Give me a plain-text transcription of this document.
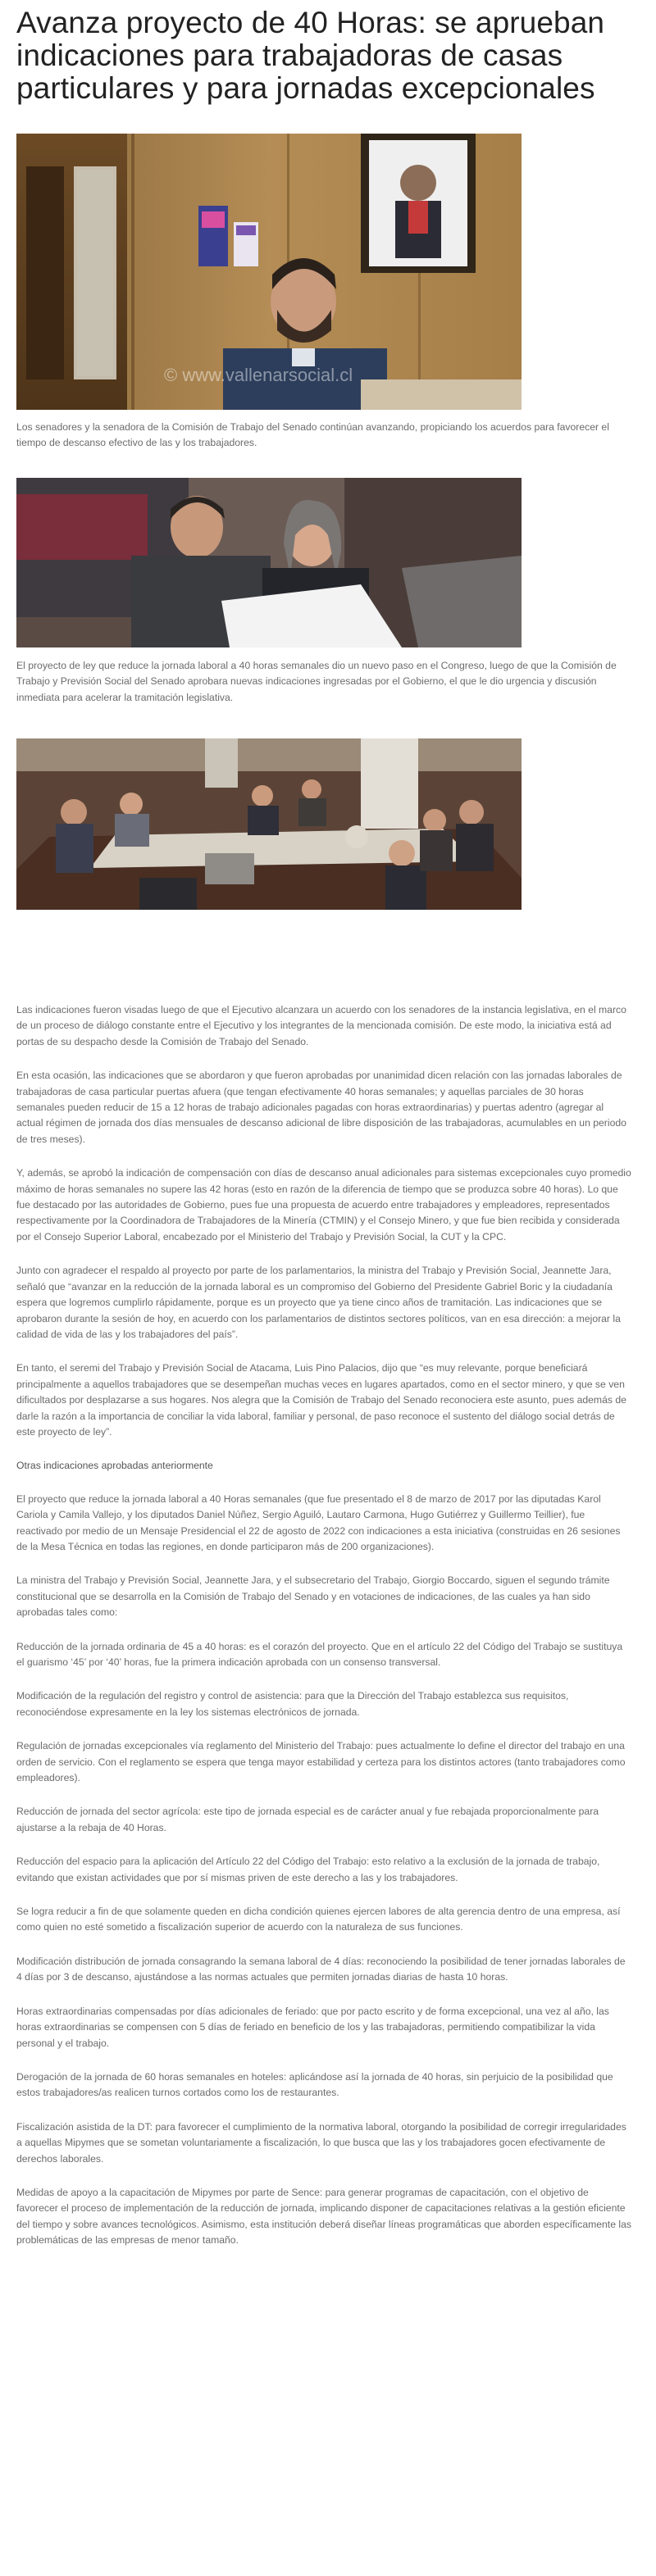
Avanza proyecto de 40 Horas: se aprueban indicaciones para trabajadoras de casas particulares y para jornadas excepcionales
© www.vallenarsocial.cl

Los senadores y la senadora de la Comisión de Trabajo del Senado continúan avanzando, propiciando los acuerdos para favorecer el tiempo de descanso efectivo de las y los trabajadores.

El proyecto de ley que reduce la jornada laboral a 40 horas semanales dio un nuevo paso en el Congreso, luego de que la Comisión de Trabajo y Previsión Social del Senado aprobara nuevas indicaciones ingresadas por el Gobierno, el que le dio urgencia y discusión inmediata para acelerar la tramitación legislativa.

Las indicaciones fueron visadas luego de que el Ejecutivo alcanzara un acuerdo con los senadores de la instancia legislativa, en el marco de un proceso de diálogo constante entre el Ejecutivo y los integrantes de la mencionada comisión. De este modo, la iniciativa está ad portas de su despacho desde la Comisión de Trabajo del Senado.

En esta ocasión, las indicaciones que se abordaron y que fueron aprobadas por unanimidad dicen relación con las jornadas laborales de trabajadoras de casa particular puertas afuera (que tengan efectivamente 40 horas semanales; y aquellas parciales de 30 horas semanales pueden reducir de 15 a 12 horas de trabajo adicionales pagadas con horas extraordinarias) y puertas adentro (agregar al actual régimen de jornada dos días mensuales de descanso adicional de libre disposición de las trabajadoras, acumulables en un periodo de tres meses).

Y, además, se aprobó la indicación de compensación con días de descanso anual adicionales para sistemas excepcionales cuyo promedio máximo de horas semanales no supere las 42 horas (esto en razón de la diferencia de tiempo que se produzca sobre 40 horas). Lo que fue destacado por las autoridades de Gobierno, pues fue una propuesta de acuerdo entre trabajadores y empleadores, representados respectivamente por la Coordinadora de Trabajadores de la Minería (CTMIN) y el Consejo Minero, y que fue bien recibida y considerada por el Consejo Superior Laboral, encabezado por el Ministerio del Trabajo y Previsión Social, la CUT y la CPC.

Junto con agradecer el respaldo al proyecto por parte de los parlamentarios, la ministra del Trabajo y Previsión Social, Jeannette Jara, señaló que “avanzar en la reducción de la jornada laboral es un compromiso del Gobierno del Presidente Gabriel Boric y la ciudadanía espera que logremos cumplirlo rápidamente, porque es un proyecto que ya tiene cinco años de tramitación. Las indicaciones que se aprobaron durante la sesión de hoy, en acuerdo con los parlamentarios de distintos sectores políticos, van en esa dirección: a mejorar la calidad de vida de las y los trabajadores del país”.

En tanto, el seremi del Trabajo y Previsión Social de Atacama, Luis Pino Palacios, dijo que “es muy relevante, porque beneficiará principalmente a aquellos trabajadores que se desempeñan muchas veces en lugares apartados, como en el sector minero, y que se ven dificultados por desplazarse a sus hogares. Nos alegra que la Comisión de Trabajo del Senado reconociera este asunto, pues además de darle la razón a la importancia de conciliar la vida laboral, familiar y personal, de paso reconoce el sustento del diálogo social detrás de este proyecto de ley”.

Otras indicaciones aprobadas anteriormente

El proyecto que reduce la jornada laboral a 40 Horas semanales (que fue presentado el 8 de marzo de 2017 por las diputadas Karol Cariola y Camila Vallejo, y los diputados Daniel Núñez, Sergio Aguiló, Lautaro Carmona, Hugo Gutiérrez y Guillermo Teillier), fue reactivado por medio de un Mensaje Presidencial el 22 de agosto de 2022 con indicaciones a esta iniciativa (construidas en 26 sesiones de la Mesa Técnica en todas las regiones, en donde participaron más de 200 organizaciones).

La ministra del Trabajo y Previsión Social, Jeannette Jara, y el subsecretario del Trabajo, Giorgio Boccardo, siguen el segundo trámite constitucional que se desarrolla en la Comisión de Trabajo del Senado y en votaciones de indicaciones, de las cuales ya han sido aprobadas tales como:

Reducción de la jornada ordinaria de 45 a 40 horas: es el corazón del proyecto. Que en el artículo 22 del Código del Trabajo se sustituya el guarismo ‘45’ por ‘40’ horas, fue la primera indicación aprobada con un consenso transversal.

Modificación de la regulación del registro y control de asistencia: para que la Dirección del Trabajo establezca sus requisitos, reconociéndose expresamente en la ley los sistemas electrónicos de jornada.

Regulación de jornadas excepcionales vía reglamento del Ministerio del Trabajo: pues actualmente lo define el director del trabajo en una orden de servicio. Con el reglamento se espera que tenga mayor estabilidad y certeza para los distintos actores (tanto trabajadores como empleadores).

Reducción de jornada del sector agrícola: este tipo de jornada especial es de carácter anual y fue rebajada proporcionalmente para ajustarse a la rebaja de 40 Horas.

Reducción del espacio para la aplicación del Artículo 22 del Código del Trabajo: esto relativo a la exclusión de la jornada de trabajo, evitando que existan actividades que por sí mismas priven de este derecho a las y los trabajadores.

Se logra reducir a fin de que solamente queden en dicha condición quienes ejercen labores de alta gerencia dentro de una empresa, así como quien no esté sometido a fiscalización superior de acuerdo con la naturaleza de sus funciones.

Modificación distribución de jornada consagrando la semana laboral de 4 días: reconociendo la posibilidad de tener jornadas laborales de 4 días por 3 de descanso, ajustándose a las normas actuales que permiten jornadas diarias de hasta 10 horas.

Horas extraordinarias compensadas por días adicionales de feriado: que por pacto escrito y de forma excepcional, una vez al año, las horas extraordinarias se compensen con 5 días de feriado en beneficio de los y las trabajadoras, permitiendo compatibilizar la vida personal y el trabajo.

Derogación de la jornada de 60 horas semanales en hoteles: aplicándose así la jornada de 40 horas, sin perjuicio de la posibilidad que estos trabajadores/as realicen turnos cortados como los de restaurantes.

Fiscalización asistida de la DT: para favorecer el cumplimiento de la normativa laboral, otorgando la posibilidad de corregir irregularidades a aquellas Mipymes que se sometan voluntariamente a fiscalización, lo que busca que las y los trabajadores gocen efectivamente de derechos laborales.

Medidas de apoyo a la capacitación de Mipymes por parte de Sence: para generar programas de capacitación, con el objetivo de favorecer el proceso de implementación de la reducción de jornada, implicando disponer de capacitaciones relativas a la gestión eficiente del tiempo y sobre avances tecnológicos. Asimismo, esta institución deberá diseñar líneas programáticas que aborden específicamente las problemáticas de las empresas de menor tamaño.
